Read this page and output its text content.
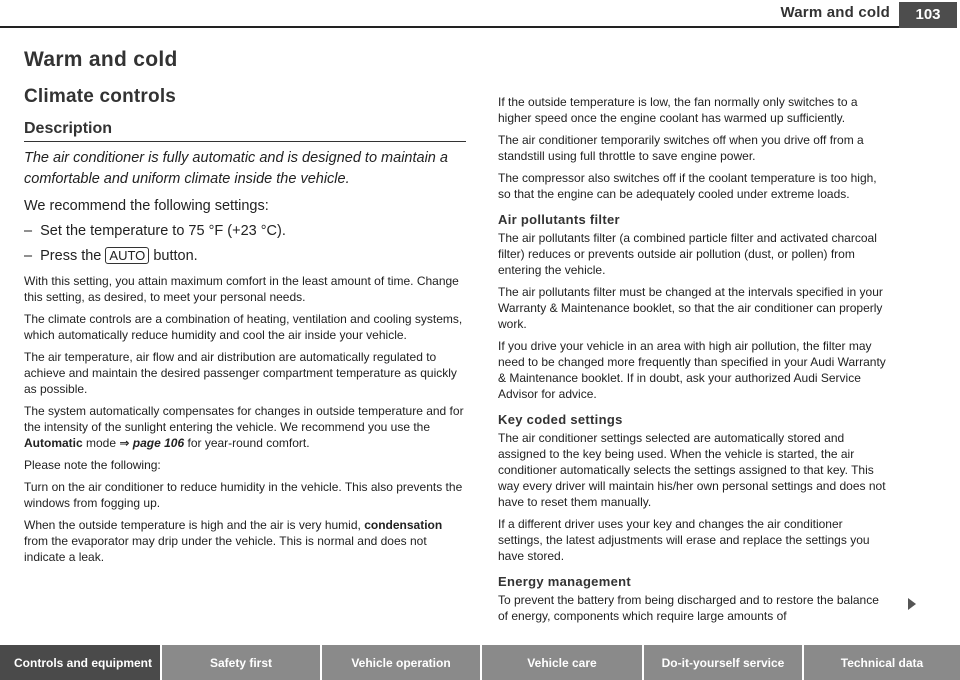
Warm and cold	103
Warm and cold
Climate controls
Description
The air conditioner is fully automatic and is designed to maintain a comfortable and uniform climate inside the vehicle.
We recommend the following settings:
–  Set the temperature to 75 °F (+23 °C).
–  Press the AUTO button.

With this setting, you attain maximum comfort in the least amount of time. Change this setting, as desired, to meet your personal needs.

The climate controls are a combination of heating, ventilation and cooling systems, which automatically reduce humidity and cool the air inside your vehicle.

The air temperature, air flow and air distribution are automatically regulated to achieve and maintain the desired passenger compartment temperature as quickly as possible.

The system automatically compensates for changes in outside temperature and for the intensity of the sunlight entering the vehicle. We recommend you use the Automatic mode ⇒ page 106 for year-round comfort.

Please note the following:

Turn on the air conditioner to reduce humidity in the vehicle. This also prevents the windows from fogging up.

When the outside temperature is high and the air is very humid, condensation from the evaporator may drip under the vehicle. This is normal and does not indicate a leak.

If the outside temperature is low, the fan normally only switches to a higher speed once the engine coolant has warmed up sufficiently.

The air conditioner temporarily switches off when you drive off from a standstill using full throttle to save engine power.

The compressor also switches off if the coolant temperature is too high, so that the engine can be adequately cooled under extreme loads.

Air pollutants filter

The air pollutants filter (a combined particle filter and activated charcoal filter) reduces or prevents outside air pollution (dust, or pollen) from entering the vehicle.

The air pollutants filter must be changed at the intervals specified in your Warranty & Maintenance booklet, so that the air conditioner can properly work.

If you drive your vehicle in an area with high air pollution, the filter may need to be changed more frequently than specified in your Audi Warranty & Maintenance booklet. If in doubt, ask your authorized Audi Service Advisor for advice.

Key coded settings

The air conditioner settings selected are automatically stored and assigned to the key being used. When the vehicle is started, the air conditioner automatically selects the settings assigned to that key. This way every driver will maintain his/her own personal settings and does not have to reset them manually.

If a different driver uses your key and changes the air conditioner settings, the latest adjustments will erase and replace the settings you have stored.

Energy management

To prevent the battery from being discharged and to restore the balance of energy, components which require large amounts of

Controls and equipment	Safety first	Vehicle operation	Vehicle care	Do-it-yourself service	Technical data
